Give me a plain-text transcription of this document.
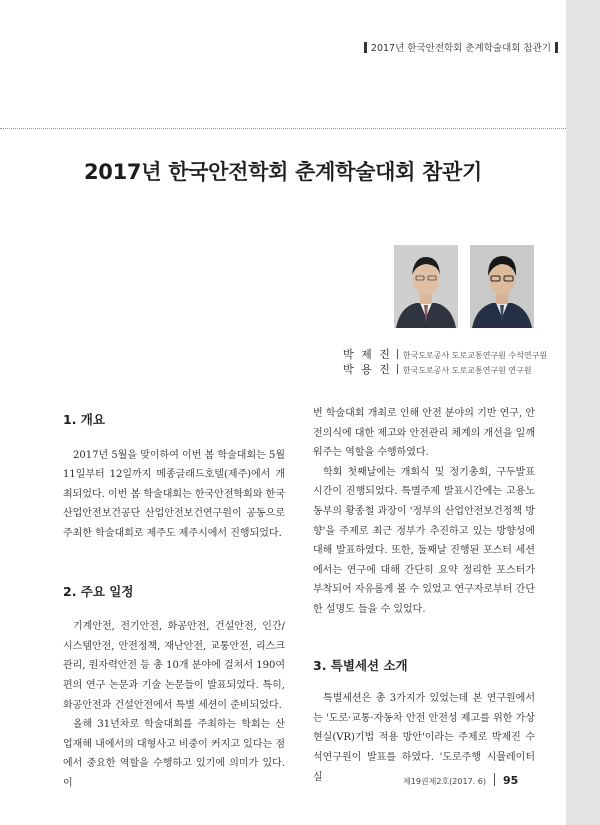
2017년 한국안전학회 춘계학술대회 참관기
2017년 한국안전학회 춘계학술대회 참관기
박 제 진 한국도로공사 도로교통연구원 수석연구원
박 용 진 한국도로공사 도로교통연구원 연구원
1. 개요

2017년 5월을 맞이하여 이번 봄 학술대회는 5월 11일부터 12일까지 메종글래드호텔(제주)에서 개최되었다. 이번 봄 학술대회는 한국안전학회와 한국산업안전보건공단 산업안전보건연구원이 공동으로 주최한 학술대회로 제주도 제주시에서 진행되었다.

2. 주요 일정

기계안전, 전기안전, 화공안전, 건설안전, 인간/시스템안전, 안전정책, 재난안전, 교통안전, 리스크관리, 원자력안전 등 총 10개 분야에 걸쳐서 190여 편의 연구 논문과 기술 논문들이 발표되었다. 특히, 화공안전과 건설안전에서 특별 세션이 준비되었다.

올해 31년차로 학술대회를 주최하는 학회는 산업재해 내에서의 대형사고 비중이 커지고 있다는 점에서 중요한 역할을 수행하고 있기에 의미가 있다. 이

번 학술대회 개최로 인해 안전 분야의 기반 연구, 안전의식에 대한 제고와 안전관리 체계의 개선을 일깨워주는 역할을 수행하였다.

학회 첫째날에는 개회식 및 정기총회, 구두발표 시간이 진행되었다. 특별주제 발표시간에는 고용노동부의 황종철 과장이 '정부의 산업안전보건정책 방향'을 주제로 최근 정부가 추진하고 있는 방향성에 대해 발표하였다. 또한, 둘째날 진행된 포스터 세션에서는 연구에 대해 간단히 요약 정리한 포스터가 부착되어 자유롭게 볼 수 있었고 연구자로부터 간단한 설명도 들을 수 있었다.

3. 특별세션 소개

특별세션은 총 3가지가 있었는데 본 연구원에서는 '도로·교통·자동차 안전 안전성 제고를 위한 가상현실(VR)기법 적용 방안'이라는 주제로 박제진 수석연구원이 발표를 하였다. '도로주행 시뮬레이터 실	제19권제2호(2017. 6) 95
